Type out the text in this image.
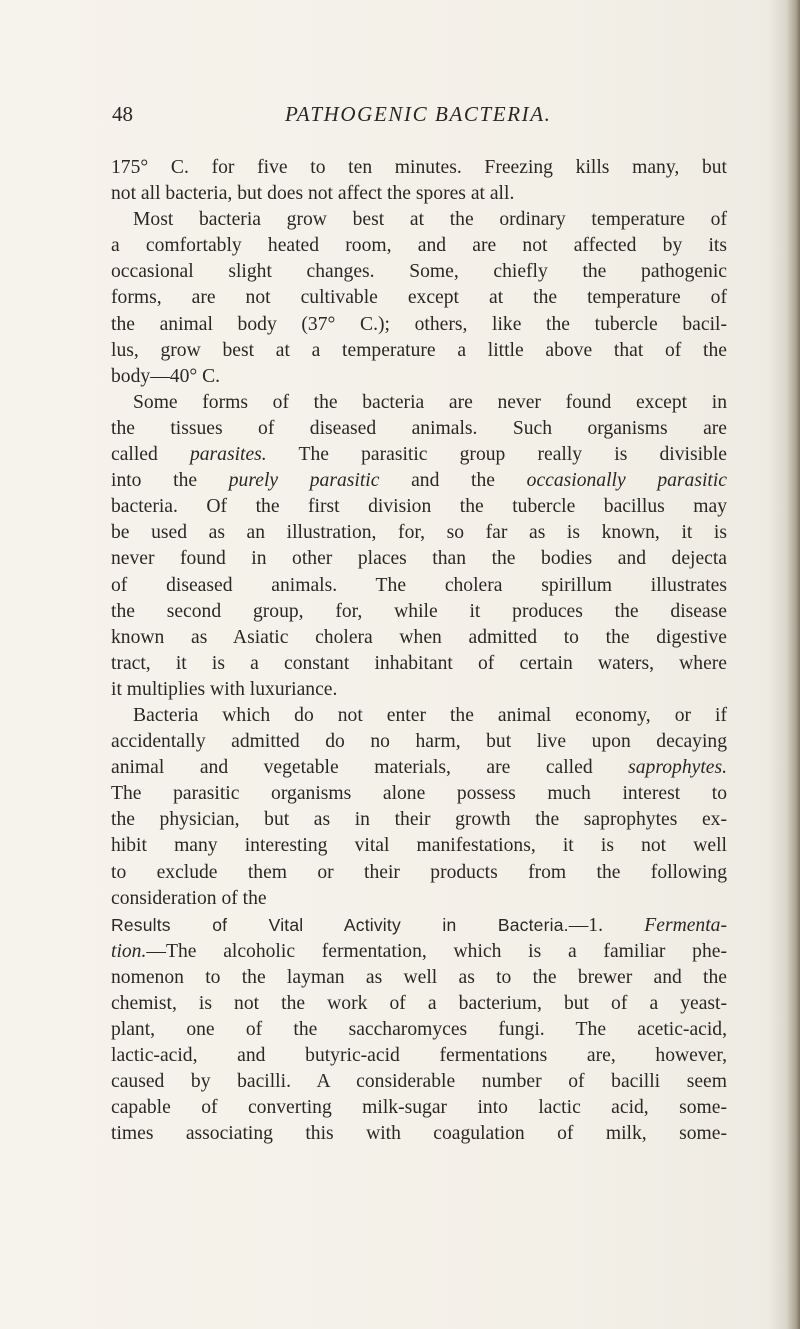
48	PATHOGENIC BACTERIA.
175° C. for five to ten minutes. Freezing kills many, but
not all bacteria, but does not affect the spores at all.
Most bacteria grow best at the ordinary temperature of
a comfortably heated room, and are not affected by its
occasional slight changes. Some, chiefly the pathogenic
forms, are not cultivable except at the temperature of
the animal body (37° C.); others, like the tubercle bacil-
lus, grow best at a temperature a little above that of the
body—40° C.
Some forms of the bacteria are never found except in
the tissues of diseased animals. Such organisms are
called parasites. The parasitic group really is divisible
into the purely parasitic and the occasionally parasitic
bacteria. Of the first division the tubercle bacillus may
be used as an illustration, for, so far as is known, it is
never found in other places than the bodies and dejecta
of diseased animals. The cholera spirillum illustrates
the second group, for, while it produces the disease
known as Asiatic cholera when admitted to the digestive
tract, it is a constant inhabitant of certain waters, where
it multiplies with luxuriance.
Bacteria which do not enter the animal economy, or if
accidentally admitted do no harm, but live upon decaying
animal and vegetable materials, are called saprophytes.
The parasitic organisms alone possess much interest to
the physician, but as in their growth the saprophytes ex-
hibit many interesting vital manifestations, it is not well
to exclude them or their products from the following
consideration of the
Results of Vital Activity in Bacteria.—1. Fermenta-
tion.—The alcoholic fermentation, which is a familiar phe-
nomenon to the layman as well as to the brewer and the
chemist, is not the work of a bacterium, but of a yeast-
plant, one of the saccharomyces fungi. The acetic-acid,
lactic-acid, and butyric-acid fermentations are, however,
caused by bacilli. A considerable number of bacilli seem
capable of converting milk-sugar into lactic acid, some-
times associating this with coagulation of milk, some-
